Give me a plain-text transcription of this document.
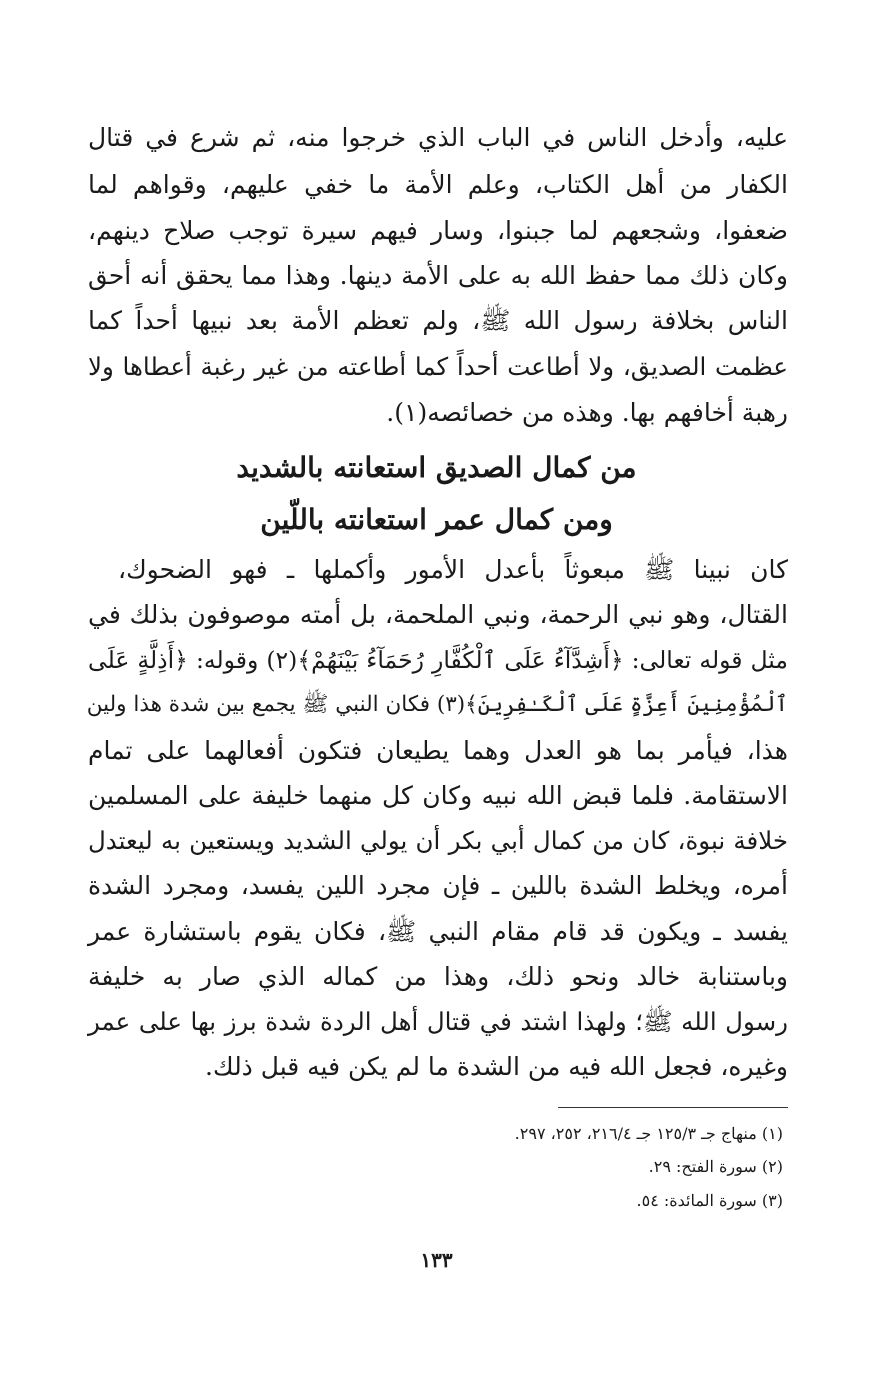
عليه، وأدخل الناس في الباب الذي خرجوا منه، ثم شرع في قتال
الكفار من أهل الكتاب، وعلم الأمة ما خفي عليهم، وقواهم لما
ضعفوا، وشجعهم لما جبنوا، وسار فيهم سيرة توجب صلاح دينهم،
وكان ذلك مما حفظ الله به على الأمة دينها. وهذا مما يحقق أنه أحق
الناس بخلافة رسول الله ﷺ، ولم تعظم الأمة بعد نبيها أحداً كما
عظمت الصديق، ولا أطاعت أحداً كما أطاعته من غير رغبة أعطاها ولا
رهبة أخافهم بها. وهذه من خصائصه(١).
من كمال الصديق استعانته بالشديد
ومن كمال عمر استعانته باللّين
كان نبينا ﷺ مبعوثاً بأعدل الأمور وأكملها ـ فهو الضحوك،
القتال، وهو نبي الرحمة، ونبي الملحمة، بل أمته موصوفون بذلك في
مثل قوله تعالى: ﴿أَشِدَّآءُ عَلَى ٱلْكُفَّارِ رُحَمَآءُ بَيْنَهُمْ﴾(٢) وقوله: ﴿أَذِلَّةٍ عَلَى
ٱلْمُؤْمِنِينَ أَعِزَّةٍ عَلَى ٱلْكَـٰفِرِينَ﴾(٣) فكان النبي ﷺ يجمع بين شدة هذا ولين
هذا، فيأمر بما هو العدل وهما يطيعان فتكون أفعالهما على تمام
الاستقامة. فلما قبض الله نبيه وكان كل منهما خليفة على المسلمين
خلافة نبوة، كان من كمال أبي بكر أن يولي الشديد ويستعين به ليعتدل
أمره، ويخلط الشدة باللين ـ فإن مجرد اللين يفسد، ومجرد الشدة
يفسد ـ ويكون قد قام مقام النبي ﷺ، فكان يقوم باستشارة عمر
وباستنابة خالد ونحو ذلك، وهذا من كماله الذي صار به خليفة
رسول الله ﷺ؛ ولهذا اشتد في قتال أهل الردة شدة برز بها على عمر
وغيره، فجعل الله فيه من الشدة ما لم يكن فيه قبل ذلك.
(١) منهاج جـ ١٢٥/٣ جـ ٢١٦/٤، ٢٥٢، ٢٩٧.
(٢) سورة الفتح: ٢٩.
(٣) سورة المائدة: ٥٤.
١٣٣
